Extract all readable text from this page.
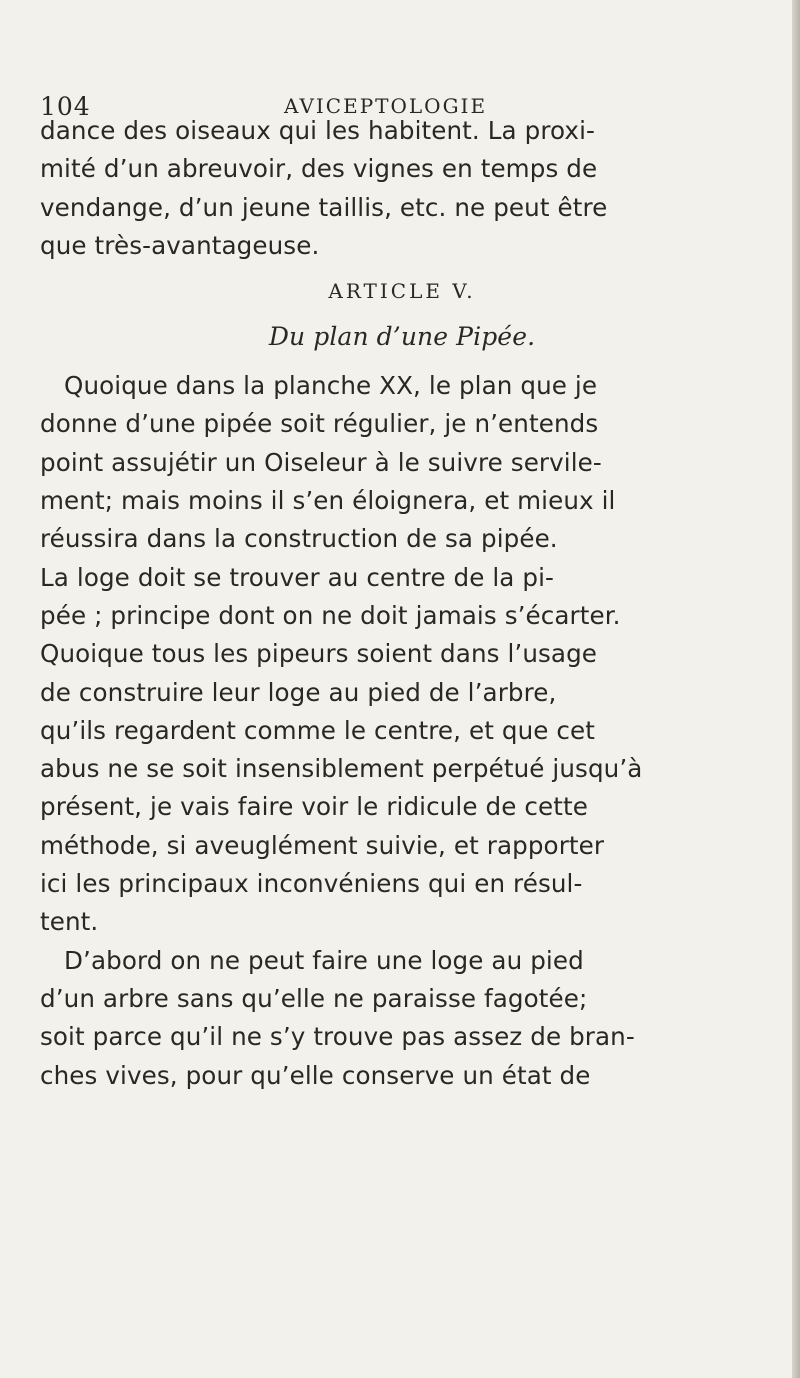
104	AVICEPTOLOGIE
dance des oiseaux qui les habitent. La proxi-
mité d’un abreuvoir, des vignes en temps de
vendange, d’un jeune taillis, etc. ne peut être
que très-avantageuse.
ARTICLE V.
Du plan d’une Pipée.
Quoique dans la planche XX, le plan que je
donne d’une pipée soit régulier, je n’entends
point assujétir un Oiseleur à le suivre servile-
ment; mais moins il s’en éloignera, et mieux il
réussira dans la construction de sa pipée.
La loge doit se trouver au centre de la pi-
pée ; principe dont on ne doit jamais s’écarter.
Quoique tous les pipeurs soient dans l’usage
de construire leur loge au pied de l’arbre,
qu’ils regardent comme le centre, et que cet
abus ne se soit insensiblement perpétué jusqu’à
présent, je vais faire voir le ridicule de cette
méthode, si aveuglément suivie, et rapporter
ici les principaux inconvéniens qui en résul-
tent.
D’abord on ne peut faire une loge au pied
d’un arbre sans qu’elle ne paraisse fagotée;
soit parce qu’il ne s’y trouve pas assez de bran-
ches vives, pour qu’elle conserve un état de
